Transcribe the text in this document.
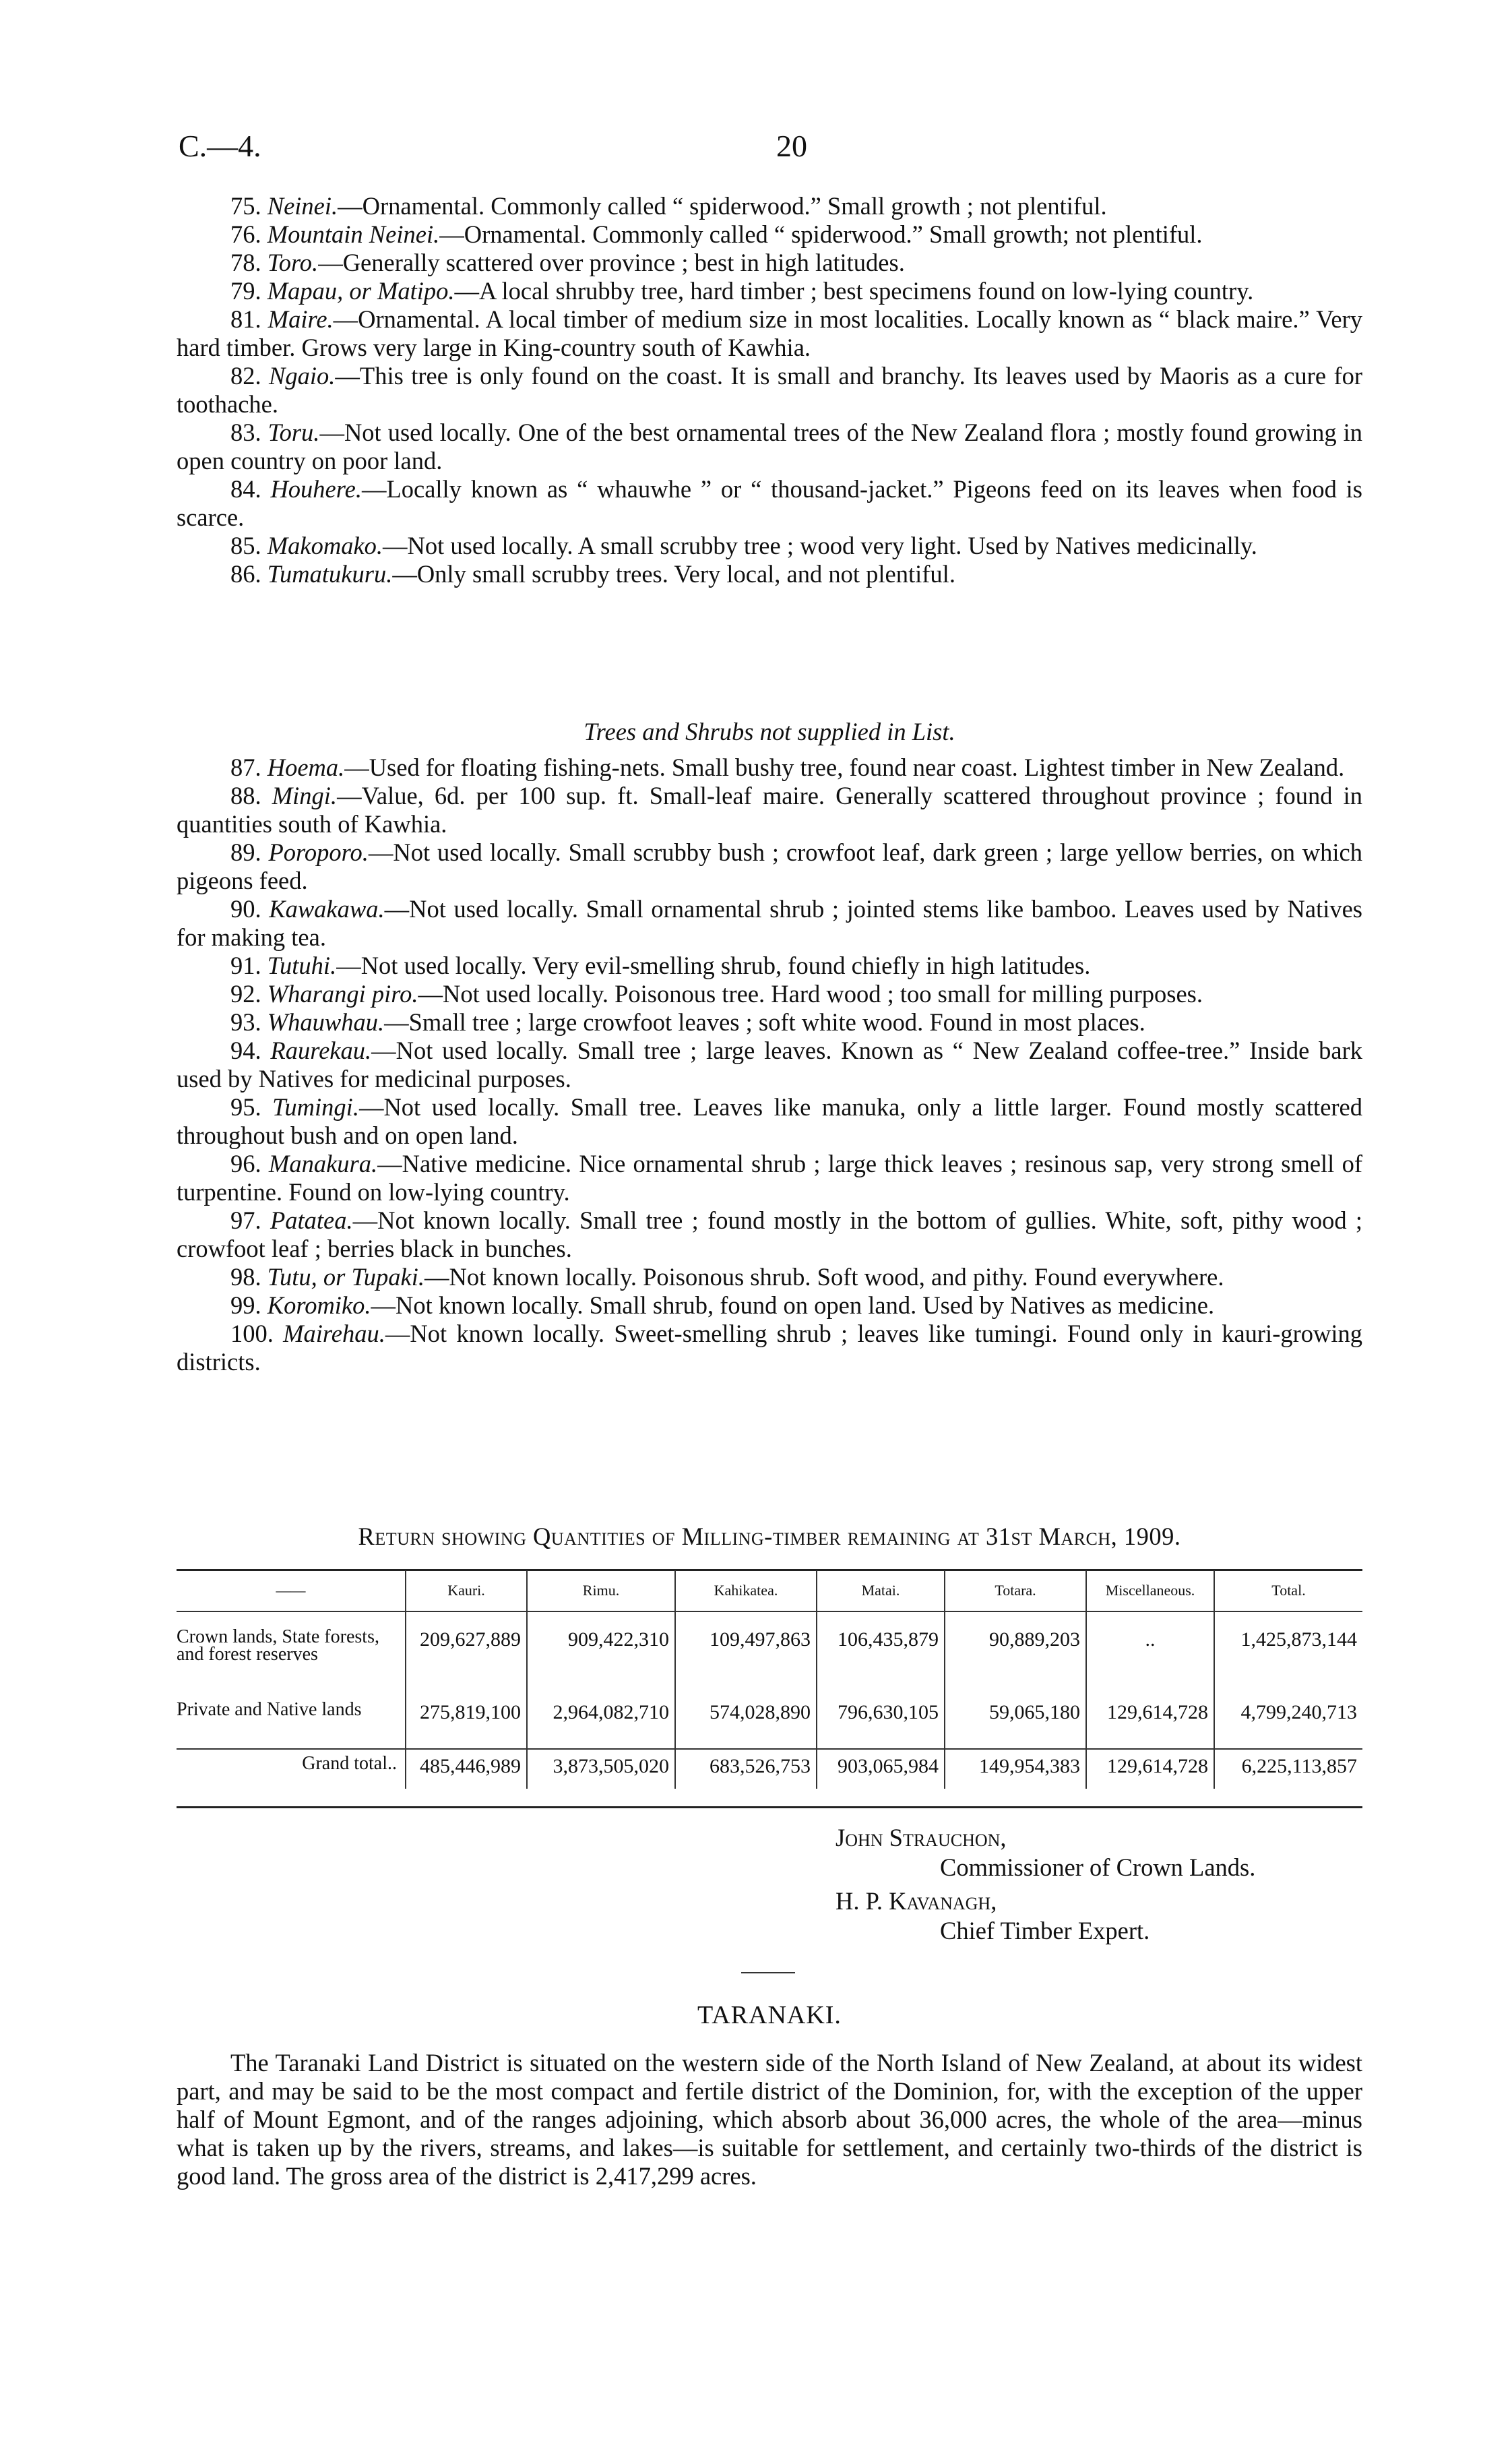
C.—4.	20

75. Neinei.—Ornamental. Commonly called “ spiderwood.” Small growth ; not plentiful.

76. Mountain Neinei.—Ornamental. Commonly called “ spiderwood.” Small growth; not plentiful.

78. Toro.—Generally scattered over province ; best in high latitudes.

79. Mapau, or Matipo.—A local shrubby tree, hard timber ; best specimens found on low-lying country.

81. Maire.—Ornamental. A local timber of medium size in most localities. Locally known as “ black maire.” Very hard timber. Grows very large in King-country south of Kawhia.

82. Ngaio.—This tree is only found on the coast. It is small and branchy. Its leaves used by Maoris as a cure for toothache.

83. Toru.—Not used locally. One of the best ornamental trees of the New Zealand flora ; mostly found growing in open country on poor land.

84. Houhere.—Locally known as “ whauwhe ” or “ thousand-jacket.” Pigeons feed on its leaves when food is scarce.

85. Makomako.—Not used locally. A small scrubby tree ; wood very light. Used by Natives medicinally.

86. Tumatukuru.—Only small scrubby trees. Very local, and not plentiful.

Trees and Shrubs not supplied in List.

87. Hoema.—Used for floating fishing-nets. Small bushy tree, found near coast. Lightest timber in New Zealand.

88. Mingi.—Value, 6d. per 100 sup. ft. Small-leaf maire. Generally scattered throughout province ; found in quantities south of Kawhia.

89. Poroporo.—Not used locally. Small scrubby bush ; crowfoot leaf, dark green ; large yellow berries, on which pigeons feed.

90. Kawakawa.—Not used locally. Small ornamental shrub ; jointed stems like bamboo. Leaves used by Natives for making tea.

91. Tutuhi.—Not used locally. Very evil-smelling shrub, found chiefly in high latitudes.

92. Wharangi piro.—Not used locally. Poisonous tree. Hard wood ; too small for milling purposes.

93. Whauwhau.—Small tree ; large crowfoot leaves ; soft white wood. Found in most places.

94. Raurekau.—Not used locally. Small tree ; large leaves. Known as “ New Zealand coffee-tree.” Inside bark used by Natives for medicinal purposes.

95. Tumingi.—Not used locally. Small tree. Leaves like manuka, only a little larger. Found mostly scattered throughout bush and on open land.

96. Manakura.—Native medicine. Nice ornamental shrub ; large thick leaves ; resinous sap, very strong smell of turpentine. Found on low-lying country.

97. Patatea.—Not known locally. Small tree ; found mostly in the bottom of gullies. White, soft, pithy wood ; crowfoot leaf ; berries black in bunches.

98. Tutu, or Tupaki.—Not known locally. Poisonous shrub. Soft wood, and pithy. Found everywhere.

99. Koromiko.—Not known locally. Small shrub, found on open land. Used by Natives as medicine.

100. Mairehau.—Not known locally. Sweet-smelling shrub ; leaves like tumingi. Found only in kauri-growing districts.

Return showing Quantities of Milling-timber remaining at 31st March, 1909.
——	Kauri.	Rimu.	Kahikatea.	Matai.	Totara.	Miscellaneous.	Total.
Crown lands, State forests, and forest reserves	209,627,889	909,422,310	109,497,863	106,435,879	90,889,203	..	1,425,873,144
Private and Native lands	275,819,100	2,964,082,710	574,028,890	796,630,105	59,065,180	129,614,728	4,799,240,713
Grand total..	485,446,989	3,873,505,020	683,526,753	903,065,984	149,954,383	129,614,728	6,225,113,857
John Strauchon,
Commissioner of Crown Lands.
H. P. Kavanagh,
Chief Timber Expert.
TARANAKI.

The Taranaki Land District is situated on the western side of the North Island of New Zealand, at about its widest part, and may be said to be the most compact and fertile district of the Dominion, for, with the exception of the upper half of Mount Egmont, and of the ranges adjoining, which absorb about 36,000 acres, the whole of the area—minus what is taken up by the rivers, streams, and lakes—is suitable for settlement, and certainly two-thirds of the district is good land. The gross area of the district is 2,417,299 acres.
